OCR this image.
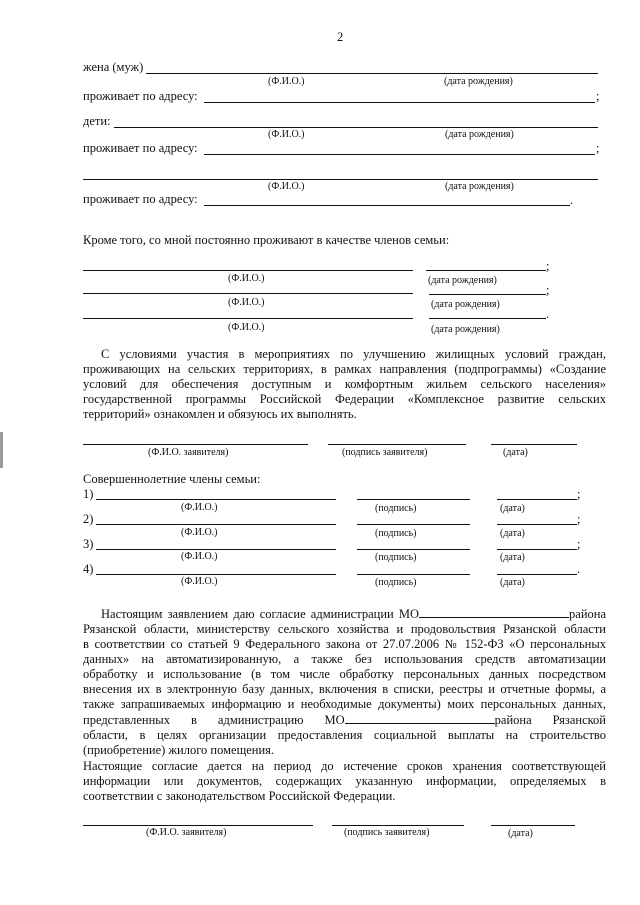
2
жена (муж)
(Ф.И.О.)	(дата рождения)
проживает по адресу:	;
дети:
(Ф.И.О.)	(дата рождения)
проживает по адресу:	;
(Ф.И.О.)	(дата рождения)
проживает по адресу:	.
Кроме того, со мной постоянно проживают в качестве членов семьи:
;
(Ф.И.О.)	(дата рождения)
;
(Ф.И.О.)	(дата рождения)
.
(Ф.И.О.)	(дата рождения)
С условиями участия в мероприятиях по улучшению жилищных условий граждан,
проживающих на сельских территориях, в рамках направления (подпрограммы) «Создание
условий для обеспечения доступным и комфортным жильем сельского населения»
государственной программы Российской Федерации «Комплексное развитие сельских
территорий» ознакомлен и обязуюсь их выполнять.
(Ф.И.О. заявителя)	(подпись заявителя)	(дата)
Совершеннолетние члены семьи:
1)	;
(Ф.И.О.)	(подпись)	(дата)
2)	;
(Ф.И.О.)	(подпись)	(дата)
3)	;
(Ф.И.О.)	(подпись)	(дата)
4)	.
(Ф.И.О.)	(подпись)	(дата)
Настоящим заявлением даю согласие администрации МО	района
Рязанской области, министерству сельского хозяйства и продовольствия Рязанской области
в соответствии со статьей 9 Федерального закона от 27.07.2006 № 152-ФЗ «О персональных
данных» на автоматизированную, а также без использования средств автоматизации
обработку и использование (в том числе обработку персональных данных посредством
внесения их в электронную базу данных, включения в списки, реестры и отчетные формы, а
также запрашиваемых информацию и необходимые документы) моих персональных данных,
представленных в администрацию МО	района Рязанской
области, в целях организации предоставления социальной выплаты на строительство
(приобретение) жилого помещения.
Настоящие согласие дается на период до истечение сроков хранения соответствующей
информации или документов, содержащих указанную информации, определяемых в
соответствии с законодательством Российской Федерации.
(Ф.И.О. заявителя)	(подпись заявителя)	(дата)
